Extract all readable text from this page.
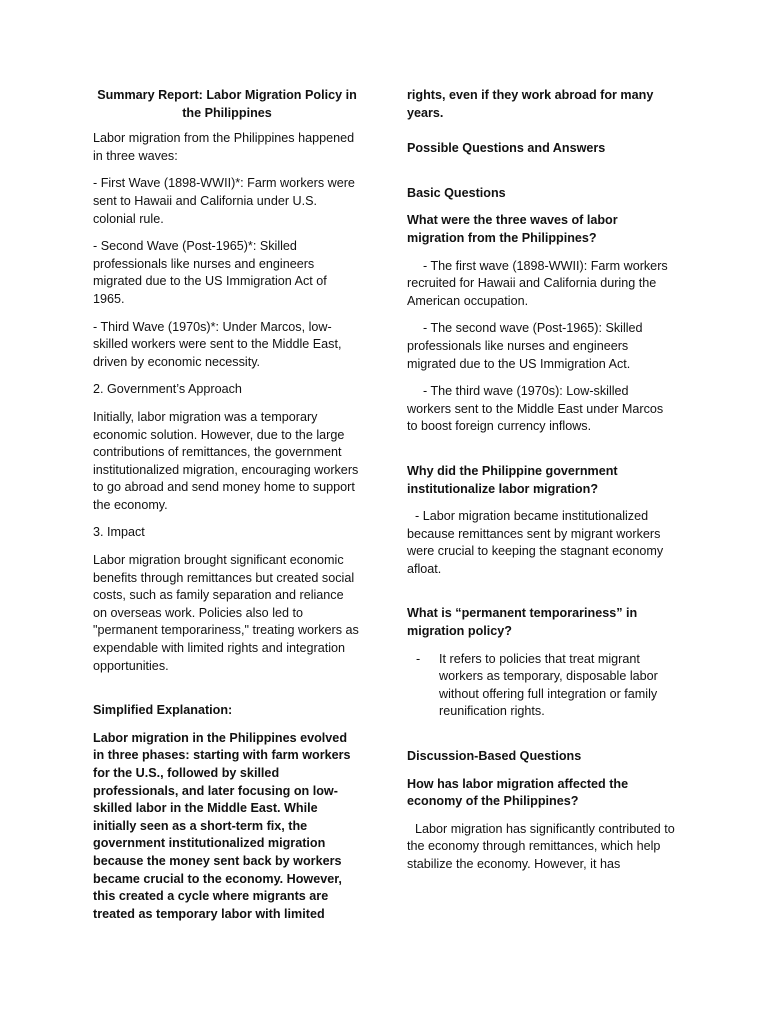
Summary Report: Labor Migration Policy in the Philippines

Labor migration from the Philippines happened in three waves:

- First Wave (1898-WWII)*: Farm workers were sent to Hawaii and California under U.S. colonial rule.

- Second Wave (Post-1965)*: Skilled professionals like nurses and engineers migrated due to the US Immigration Act of 1965.

- Third Wave (1970s)*: Under Marcos, low-skilled workers were sent to the Middle East, driven by economic necessity.

2. Government’s Approach

Initially, labor migration was a temporary economic solution. However, due to the large contributions of remittances, the government institutionalized migration, encouraging workers to go abroad and send money home to support the economy.

3. Impact

Labor migration brought significant economic benefits through remittances but created social costs, such as family separation and reliance on overseas work. Policies also led to "permanent temporariness," treating workers as expendable with limited rights and integration opportunities.

Simplified Explanation:

Labor migration in the Philippines evolved in three phases: starting with farm workers for the U.S., followed by skilled professionals, and later focusing on low-skilled labor in the Middle East. While initially seen as a short-term fix, the government institutionalized migration because the money sent back by workers became crucial to the economy. However, this created a cycle where migrants are treated as temporary labor with limited

rights, even if they work abroad for many years.

Possible Questions and Answers

Basic Questions

What were the three waves of labor migration from the Philippines?

- The first wave (1898-WWII): Farm workers recruited for Hawaii and California during the American occupation.

- The second wave (Post-1965): Skilled professionals like nurses and engineers migrated due to the US Immigration Act.

- The third wave (1970s): Low-skilled workers sent to the Middle East under Marcos to boost foreign currency inflows.

Why did the Philippine government institutionalize labor migration?

- Labor migration became institutionalized because remittances sent by migrant workers were crucial to keeping the stagnant economy afloat.

What is “permanent temporariness” in migration policy?

- It refers to policies that treat migrant workers as temporary, disposable labor without offering full integration or family reunification rights.

Discussion-Based Questions

How has labor migration affected the economy of the Philippines?

Labor migration has significantly contributed to the economy through remittances, which help stabilize the economy. However, it has
